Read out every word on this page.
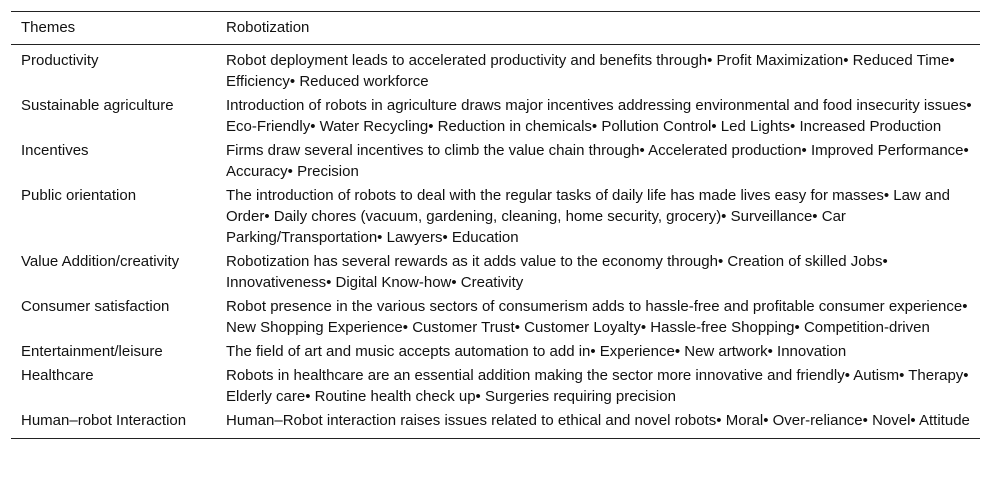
Themes	Robotization
Productivity	Robot deployment leads to accelerated productivity and benefits through• Profit Maximization• Reduced Time• Efficiency• Reduced workforce
Sustainable agriculture	Introduction of robots in agriculture draws major incentives addressing environmental and food insecurity issues• Eco-Friendly• Water Recycling• Reduction in chemicals• Pollution Control• Led Lights• Increased Production
Incentives	Firms draw several incentives to climb the value chain through• Accelerated production• Improved Performance• Accuracy• Precision
Public orientation	The introduction of robots to deal with the regular tasks of daily life has made lives easy for masses• Law and Order• Daily chores (vacuum, gardening, cleaning, home security, grocery)• Surveillance• Car Parking/Transportation• Lawyers• Education
Value Addition/creativity	Robotization has several rewards as it adds value to the economy through• Creation of skilled Jobs• Innovativeness• Digital Know-how• Creativity
Consumer satisfaction	Robot presence in the various sectors of consumerism adds to hassle-free and profitable consumer experience• New Shopping Experience• Customer Trust• Customer Loyalty• Hassle-free Shopping• Competition-driven
Entertainment/leisure	The field of art and music accepts automation to add in• Experience• New artwork• Innovation
Healthcare	Robots in healthcare are an essential addition making the sector more innovative and friendly• Autism• Therapy• Elderly care• Routine health check up• Surgeries requiring precision
Human–robot Interaction	Human–Robot interaction raises issues related to ethical and novel robots• Moral• Over-reliance• Novel• Attitude
